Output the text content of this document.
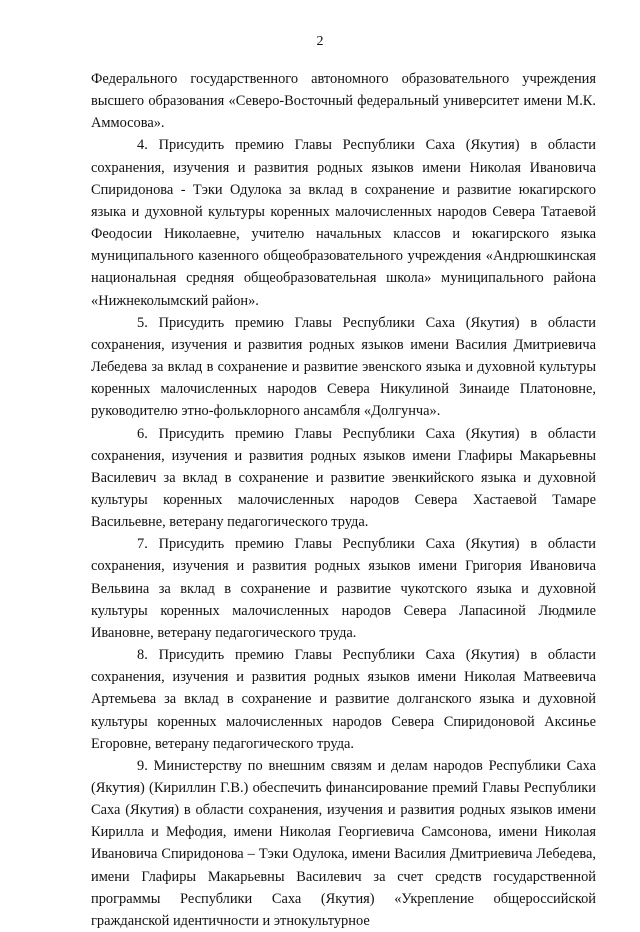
2

Федерального государственного автономного образовательного учреждения высшего образования «Северо-Восточный федеральный университет имени М.К. Аммосова».

4. Присудить премию Главы Республики Саха (Якутия) в области сохранения, изучения и развития родных языков имени Николая Ивановича Спиридонова - Тэки Одулока за вклад в сохранение и развитие юкагирского языка и духовной культуры коренных малочисленных народов Севера Татаевой Феодосии Николаевне, учителю начальных классов и юкагирского языка муниципального казенного общеобразовательного учреждения «Андрюшкинская национальная средняя общеобразовательная школа» муниципального района «Нижнеколымский район».

5. Присудить премию Главы Республики Саха (Якутия) в области сохранения, изучения и развития родных языков имени Василия Дмитриевича Лебедева за вклад в сохранение и развитие эвенского языка и духовной культуры коренных малочисленных народов Севера Никулиной Зинаиде Платоновне, руководителю этно-фольклорного ансамбля «Долгунча».

6. Присудить премию Главы Республики Саха (Якутия) в области сохранения, изучения и развития родных языков имени Глафиры Макарьевны Василевич за вклад в сохранение и развитие эвенкийского языка и духовной культуры коренных малочисленных народов Севера Хастаевой Тамаре Васильевне, ветерану педагогического труда.

7. Присудить премию Главы Республики Саха (Якутия) в области сохранения, изучения и развития родных языков имени Григория Ивановича Вельвина за вклад в сохранение и развитие чукотского языка и духовной культуры коренных малочисленных народов Севера Лапасиной Людмиле Ивановне, ветерану педагогического труда.

8. Присудить премию Главы Республики Саха (Якутия) в области сохранения, изучения и развития родных языков имени Николая Матвеевича Артемьева за вклад в сохранение и развитие долганского языка и духовной культуры коренных малочисленных народов Севера Спиридоновой Аксинье Егоровне, ветерану педагогического труда.

9. Министерству по внешним связям и делам народов Республики Саха (Якутия) (Кириллин Г.В.) обеспечить финансирование премий Главы Республики Саха (Якутия) в области сохранения, изучения и развития родных языков имени Кирилла и Мефодия, имени Николая Георгиевича Самсонова, имени Николая Ивановича Спиридонова – Тэки Одулока, имени Василия Дмитриевича Лебедева, имени Глафиры Макарьевны Василевич за счет средств государственной программы Республики Саха (Якутия) «Укрепление общероссийской гражданской идентичности и этнокультурное
